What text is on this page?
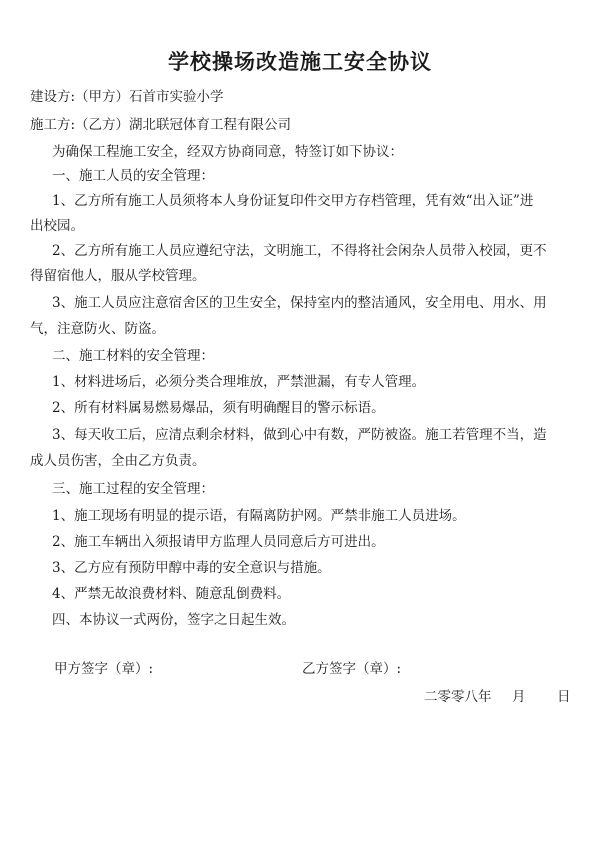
学校操场改造施工安全协议
建设方:（甲方）石首市实验小学
施工方:（乙方）湖北联冠体育工程有限公司
为确保工程施工安全，经双方协商同意，特签订如下协议：
一、施工人员的安全管理：
1、乙方所有施工人员须将本人身份证复印件交甲方存档管理，凭有效“出入证”进
出校园。
2、乙方所有施工人员应遵纪守法，文明施工，不得将社会闲杂人员带入校园，更不
得留宿他人，服从学校管理。
3、施工人员应注意宿舍区的卫生安全，保持室内的整洁通风，安全用电、用水、用
气，注意防火、防盗。
二、施工材料的安全管理：
1、材料进场后，必须分类合理堆放，严禁泄漏，有专人管理。
2、所有材料属易燃易爆品，须有明确醒目的警示标语。
3、每天收工后，应清点剩余材料，做到心中有数，严防被盗。施工若管理不当，造
成人员伤害，全由乙方负责。
三、施工过程的安全管理：
1、施工现场有明显的提示语，有隔离防护网。严禁非施工人员进场。
2、施工车辆出入须报请甲方监理人员同意后方可进出。
3、乙方应有预防甲醇中毒的安全意识与措施。
4、严禁无故浪费材料、随意乱倒费料。
四、本协议一式两份，签字之日起生效。
甲方签字（章）:	乙方签字（章）:
二零零八年 月 日
